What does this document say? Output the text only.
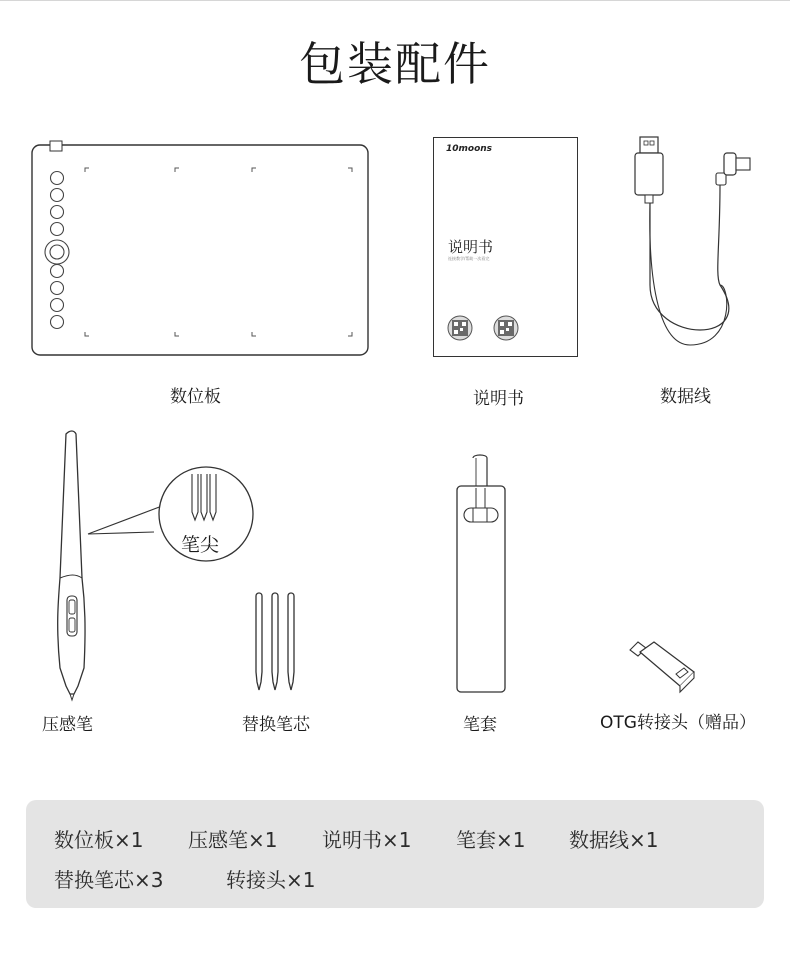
包装配件
数位板
10moons
说明书
连接教学/帮助一次看完
说明书	数据线
笔尖
压感笔	替换笔芯	笔套	OTG转接头（赠品）
数位板×1 压感笔×1 说明书×1 笔套×1 数据线×1
替换笔芯×3	转接头×1
